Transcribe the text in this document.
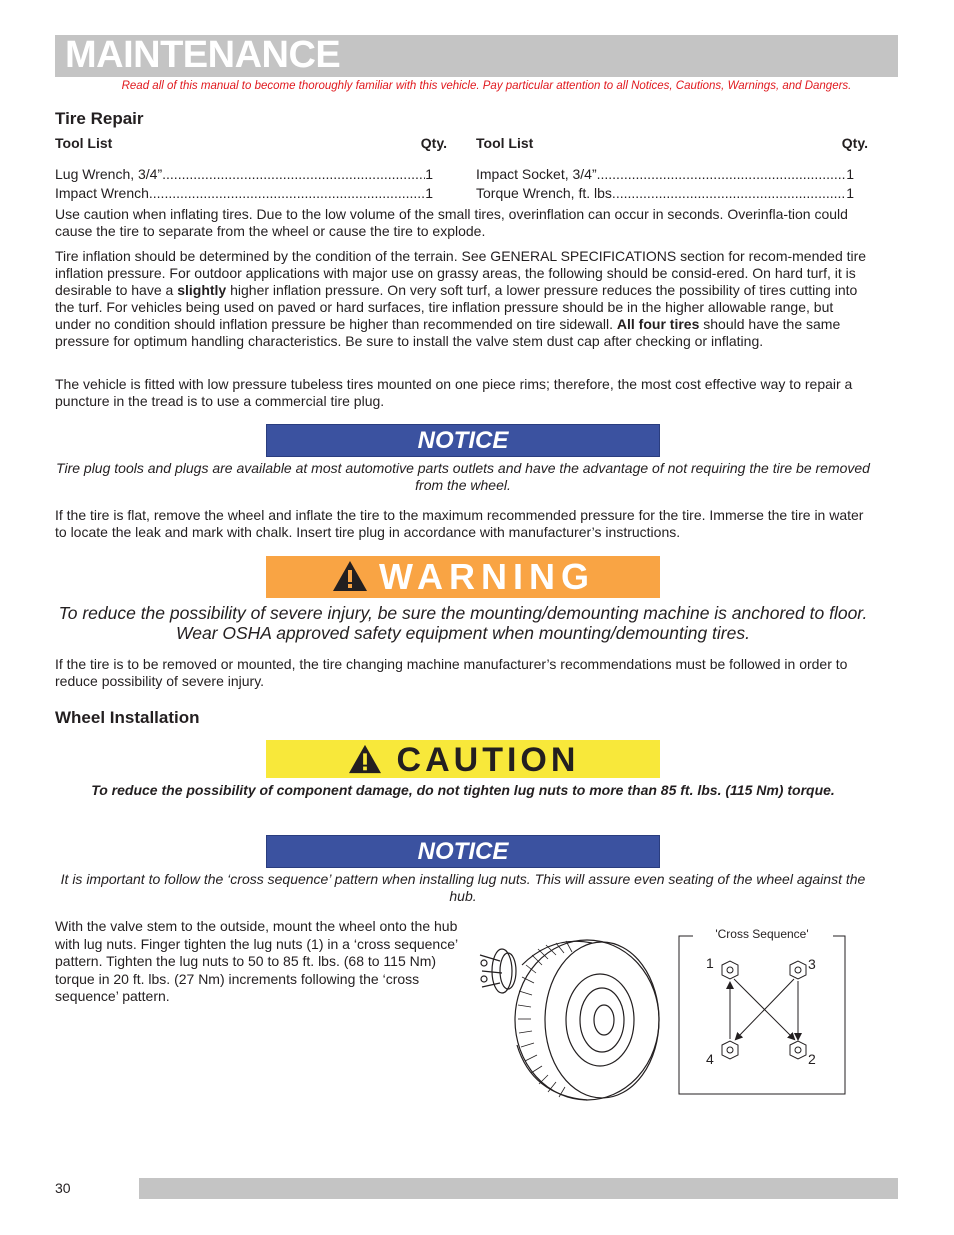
MAINTENANCE
Read all of this manual to become thoroughly familiar with this vehicle. Pay particular attention to all Notices, Cautions, Warnings, and Dangers.
Tire Repair
Tool List	Qty.
Lug Wrench, 3/4” .....	1
Impact Wrench .....	1
Tool List	Qty.
Impact Socket, 3/4” .....	1
Torque Wrench, ft. lbs. .....	1
Use caution when inflating tires. Due to the low volume of the small tires, overinflation can occur in seconds. Overinfla-tion could cause the tire to separate from the wheel or cause the tire to explode.
Tire inflation should be determined by the condition of the terrain. See GENERAL SPECIFICATIONS section for recom-mended tire inflation pressure. For outdoor applications with major use on grassy areas, the following should be consid-ered. On hard turf, it is desirable to have a slightly higher inflation pressure. On very soft turf, a lower pressure reduces the possibility of tires cutting into the turf. For vehicles being used on paved or hard surfaces, tire inflation pressure should be in the higher allowable range, but under no condition should inflation pressure be higher than recommended on tire sidewall. All four tires should have the same pressure for optimum handling characteristics. Be sure to install the valve stem dust cap after checking or inflating.
The vehicle is fitted with low pressure tubeless tires mounted on one piece rims; therefore, the most cost effective way to repair a puncture in the tread is to use a commercial tire plug.
NOTICE
Tire plug tools and plugs are available at most automotive parts outlets and have the advantage of not requiring the tire be removed from the wheel.
If the tire is flat, remove the wheel and inflate the tire to the maximum recommended pressure for the tire. Immerse the tire in water to locate the leak and mark with chalk. Insert tire plug in accordance with manufacturer’s instructions.
WARNING
To reduce the possibility of severe injury, be sure the mounting/demounting machine is anchored to floor. Wear OSHA approved safety equipment when mounting/demounting tires.
If the tire is to be removed or mounted, the tire changing machine manufacturer’s recommendations must be followed in order to reduce possibility of severe injury.
Wheel Installation
CAUTION
To reduce the possibility of component damage, do not tighten lug nuts to more than 85 ft. lbs. (115 Nm) torque.
NOTICE
It is important to follow the ‘cross sequence’ pattern when installing lug nuts. This will assure even seating of the wheel against the hub.
With the valve stem to the outside, mount the wheel onto the hub with lug nuts. Finger tighten the lug nuts (1) in a ‘cross sequence’ pattern. Tighten the lug nuts to 50 to 85 ft. lbs. (68 to 115 Nm) torque in 20 ft. lbs. (27 Nm) increments following the ‘cross sequence’ pattern.
'Cross Sequence'
1	3
4	2
30
